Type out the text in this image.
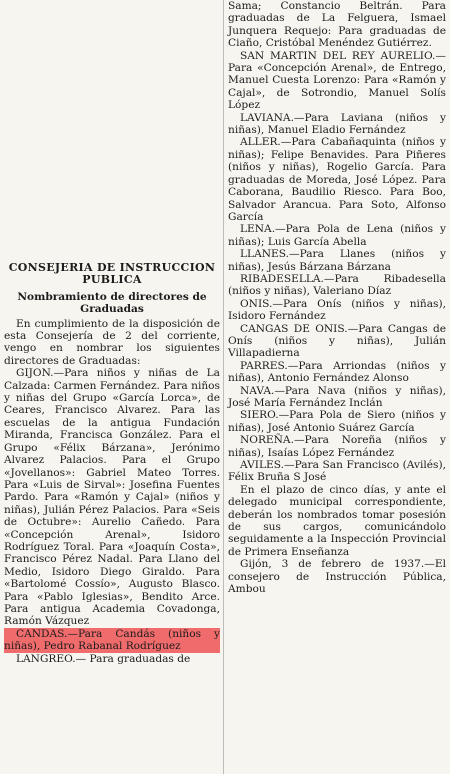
CONSEJERIA DE INSTRUCCION

PUBLICA

Nombramiento de directores de

Graduadas

En cumplimiento de la disposición de esta Consejería de 2 del corriente, vengo en nombrar los siguientes directores de Graduadas:

GIJON.—Para niños y niñas de La Calzada: Carmen Fernández. Para niños y niñas del Grupo «García Lorca», de Ceares, Francisco Alvarez. Para las escuelas de la antigua Fundación Miranda, Francisca González. Para el Grupo «Félix Bárzana», Jerónimo Alvarez Palacios. Para el Grupo «Jovellanos»: Gabriel Mateo Torres. Para «Luis de Sirval»: Josefina Fuentes Pardo. Para «Ramón y Cajal» (niños y niñas), Julián Pérez Palacios. Para «Seis de Octubre»: Aurelio Cañedo. Para «Concepción Arenal», Isidoro Rodríguez Toral. Para «Joaquín Costa», Francisco Pérez Nadal. Para Llano del Medio, Isidoro Diego Giraldo. Para «Bartolomé Cossío», Augusto Blasco. Para «Pablo Iglesias», Bendito Arce. Para antigua Academia Covadonga, Ramón Vázquez

CANDAS.—Para Candás (niños y niñas), Pedro Rabanal Rodríguez

LANGREO.— Para graduadas de

Sama; Constancio Beltrán. Para graduadas de La Felguera, Ismael Junquera Requejo: Para graduadas de Ciaño, Cristóbal Menéndez Gutiérrez.

SAN MARTIN DEL REY AURELIO.— Para «Concepción Arenal», de Entrego, Manuel Cuesta Lorenzo: Para «Ramón y Cajal», de Sotrondio, Manuel Solís López

LAVIANA.—Para Laviana (niños y niñas), Manuel Eladio Fernández

ALLER.—Para Cabañaquinta (niños y niñas); Felipe Benavides. Para Piñeres (niños y niñas), Rogelio García. Para graduadas de Moreda, José López. Para Caborana, Baudilio Riesco. Para Boo, Salvador Arancua. Para Soto, Alfonso García

LENA.—Para Pola de Lena (niños y niñas); Luis García Abella

LLANES.—Para Llanes (niños y niñas), Jesús Bárzana Bárzana

RIBADESELLA.—Para Ribadesella (niños y niñas), Valeriano Díaz

ONIS.—Para Onís (niños y niñas), Isidoro Fernández

CANGAS DE ONIS.—Para Cangas de Onís (niños y niñas), Julián Villapadierna

PARRES.—Para Arriondas (niños y niñas), Antonio Fernández Alonso

NAVA.—Para Nava (niños y niñas), José María Fernández Inclán

SIERO.—Para Pola de Siero (niños y niñas), José Antonio Suárez García

NOREÑA.—Para Noreña (niños y niñas), Isaías López Fernández

AVILES.—Para San Francisco (Avilés), Félix Bruña S José

En el plazo de cinco días, y ante el delegado municipal correspondiente, deberán los nombrados tomar posesión de sus cargos, comunicándolo seguidamente a la Inspección Provincial de Primera Enseñanza

Gijón, 3 de febrero de 1937.—El consejero de Instrucción Pública, Ambou
